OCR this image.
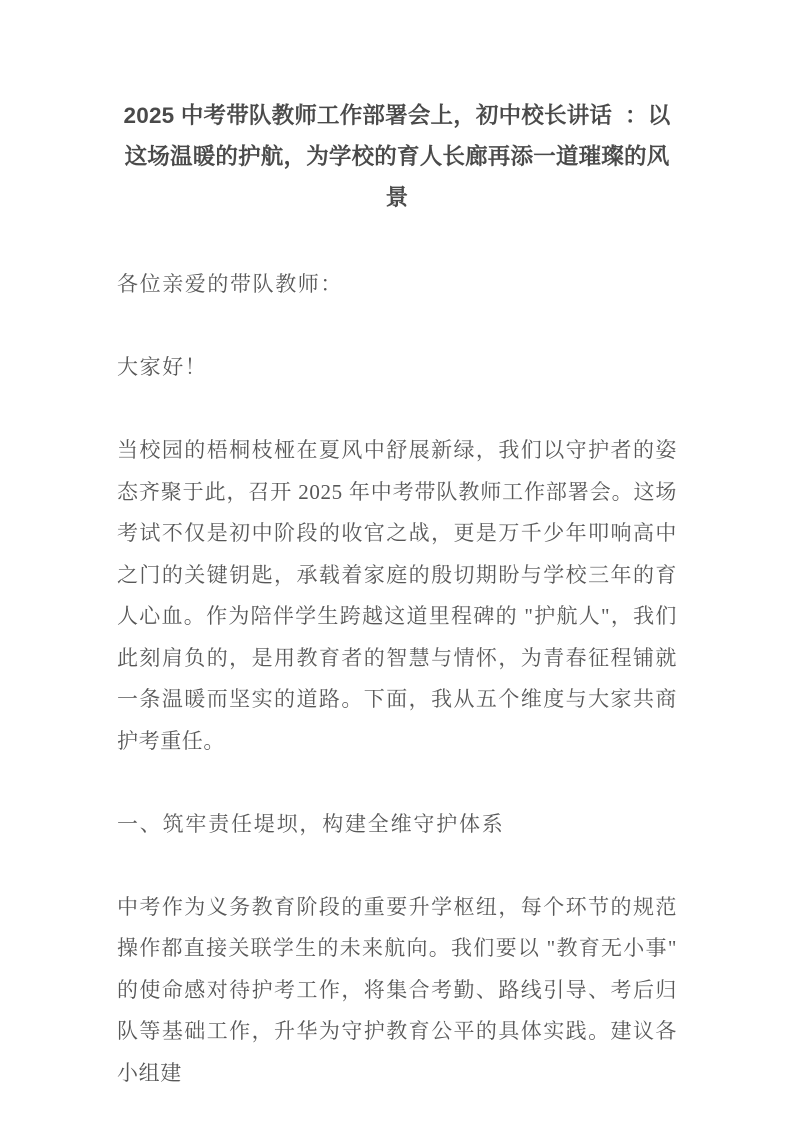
2025 中考带队教师工作部署会上，初中校长讲话  ：以这场温暖的护航，为学校的育人长廊再添一道璀璨的风景

各位亲爱的带队教师：

大家好！

当校园的梧桐枝桠在夏风中舒展新绿，我们以守护者的姿态齐聚于此，召开 2025 年中考带队教师工作部署会。这场考试不仅是初中阶段的收官之战，更是万千少年叩响高中之门的关键钥匙，承载着家庭的殷切期盼与学校三年的育人心血。作为陪伴学生跨越这道里程碑的 "护航人"，我们此刻肩负的，是用教育者的智慧与情怀，为青春征程铺就一条温暖而坚实的道路。下面，我从五个维度与大家共商护考重任。

一、筑牢责任堤坝，构建全维守护体系

中考作为义务教育阶段的重要升学枢纽，每个环节的规范操作都直接关联学生的未来航向。我们要以 "教育无小事" 的使命感对待护考工作，将集合考勤、路线引导、考后归队等基础工作，升华为守护教育公平的具体实践。建议各小组建
